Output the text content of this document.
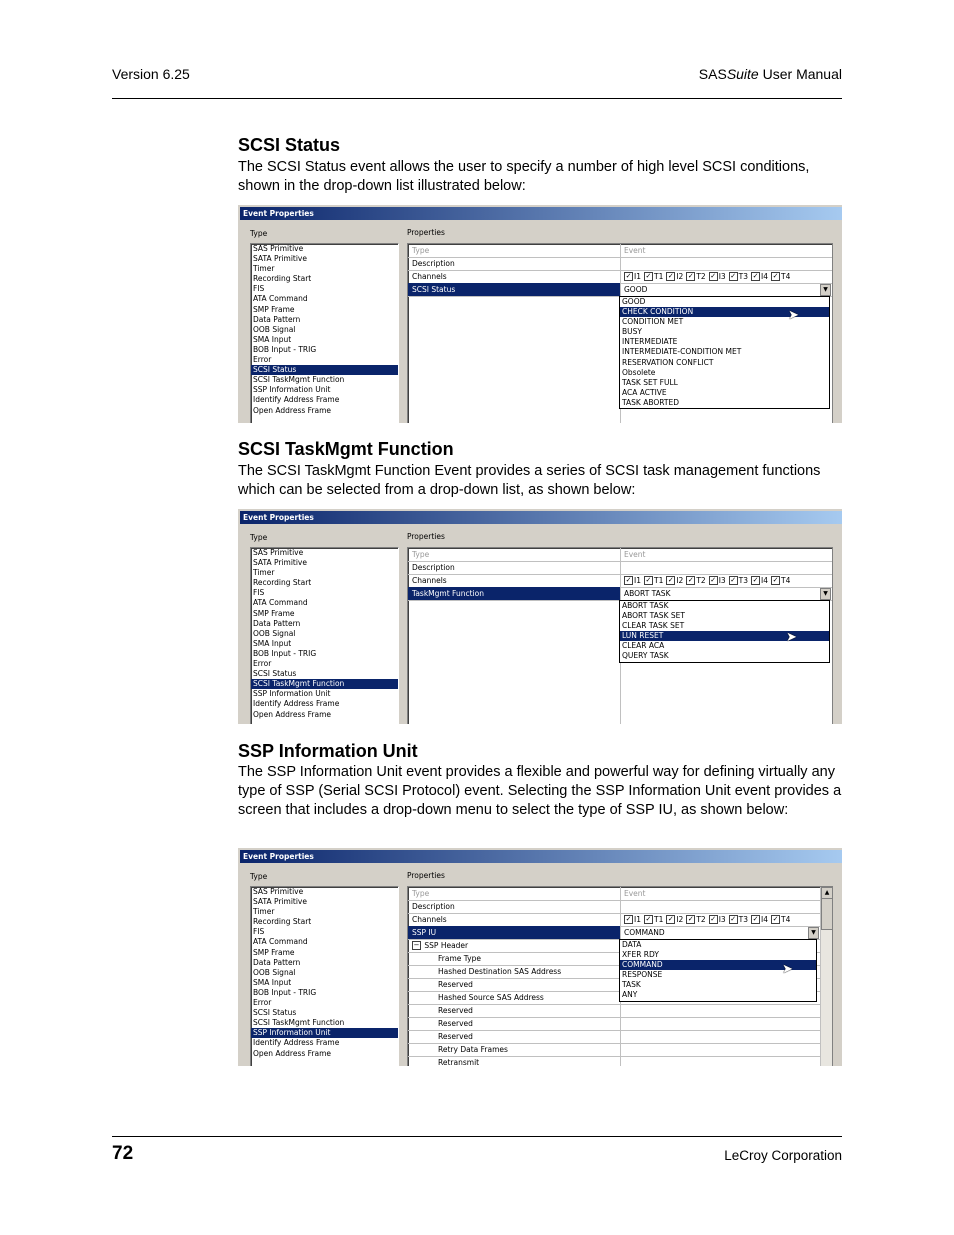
Version 6.25	SASSuite User Manual
SCSI Status
The SCSI Status event allows the user to specify a number of high level SCSI conditions, shown in the drop-down list illustrated below:
Event Properties
Type	Properties
SAS Primitive
SATA Primitive
Timer
Recording Start
FIS
ATA Command
SMP Frame
Data Pattern
OOB Signal
SMA Input
BOB Input - TRIG
Error
SCSI Status
SCSI TaskMgmt Function
SSP Information Unit
Identify Address Frame
Open Address Frame
Type	Event
Description
Channels	✓ I1 ✓ T1 ✓ I2 ✓ T2 ✓ I3 ✓ T3 ✓ I4 ✓ T4
SCSI Status	GOOD	▼
GOOD
CHECK CONDITION
CONDITION MET
BUSY
INTERMEDIATE
INTERMEDIATE-CONDITION MET
RESERVATION CONFLICT
Obsolete
TASK SET FULL
ACA ACTIVE
TASK ABORTED
➤
SCSI TaskMgmt Function
The SCSI TaskMgmt Function Event provides a series of SCSI task management functions which can be selected from a drop-down list, as shown below:
Event Properties
Type	Properties
SAS Primitive
SATA Primitive
Timer
Recording Start
FIS
ATA Command
SMP Frame
Data Pattern
OOB Signal
SMA Input
BOB Input - TRIG
Error
SCSI Status
SCSI TaskMgmt Function
SSP Information Unit
Identify Address Frame
Open Address Frame
Type	Event
Description
Channels	✓ I1 ✓ T1 ✓ I2 ✓ T2 ✓ I3 ✓ T3 ✓ I4 ✓ T4
TaskMgmt Function	ABORT TASK	▼
ABORT TASK
ABORT TASK SET
CLEAR TASK SET
LUN RESET
CLEAR ACA
QUERY TASK
➤
SSP Information Unit
The SSP Information Unit event provides a flexible and powerful way for defining virtually any type of SSP (Serial SCSI Protocol) event. Selecting the SSP Information Unit event provides a screen that includes a drop-down menu to select the type of SSP IU, as shown below:
Event Properties
Type	Properties
SAS Primitive
SATA Primitive
Timer
Recording Start
FIS
ATA Command
SMP Frame
Data Pattern
OOB Signal
SMA Input
BOB Input - TRIG
Error
SCSI Status
SCSI TaskMgmt Function
SSP Information Unit
Identify Address Frame
Open Address Frame
Type	Event
Description
Channels	✓ I1 ✓ T1 ✓ I2 ✓ T2 ✓ I3 ✓ T3 ✓ I4 ✓ T4
SSP IU	COMMAND	▼
− SSP Header
Frame Type
Hashed Destination SAS Address
Reserved
Hashed Source SAS Address
Reserved
Reserved
Reserved
Retry Data Frames
Retransmit
▲
DATA
XFER RDY
COMMAND
RESPONSE
TASK
ANY
➤
72	LeCroy Corporation
